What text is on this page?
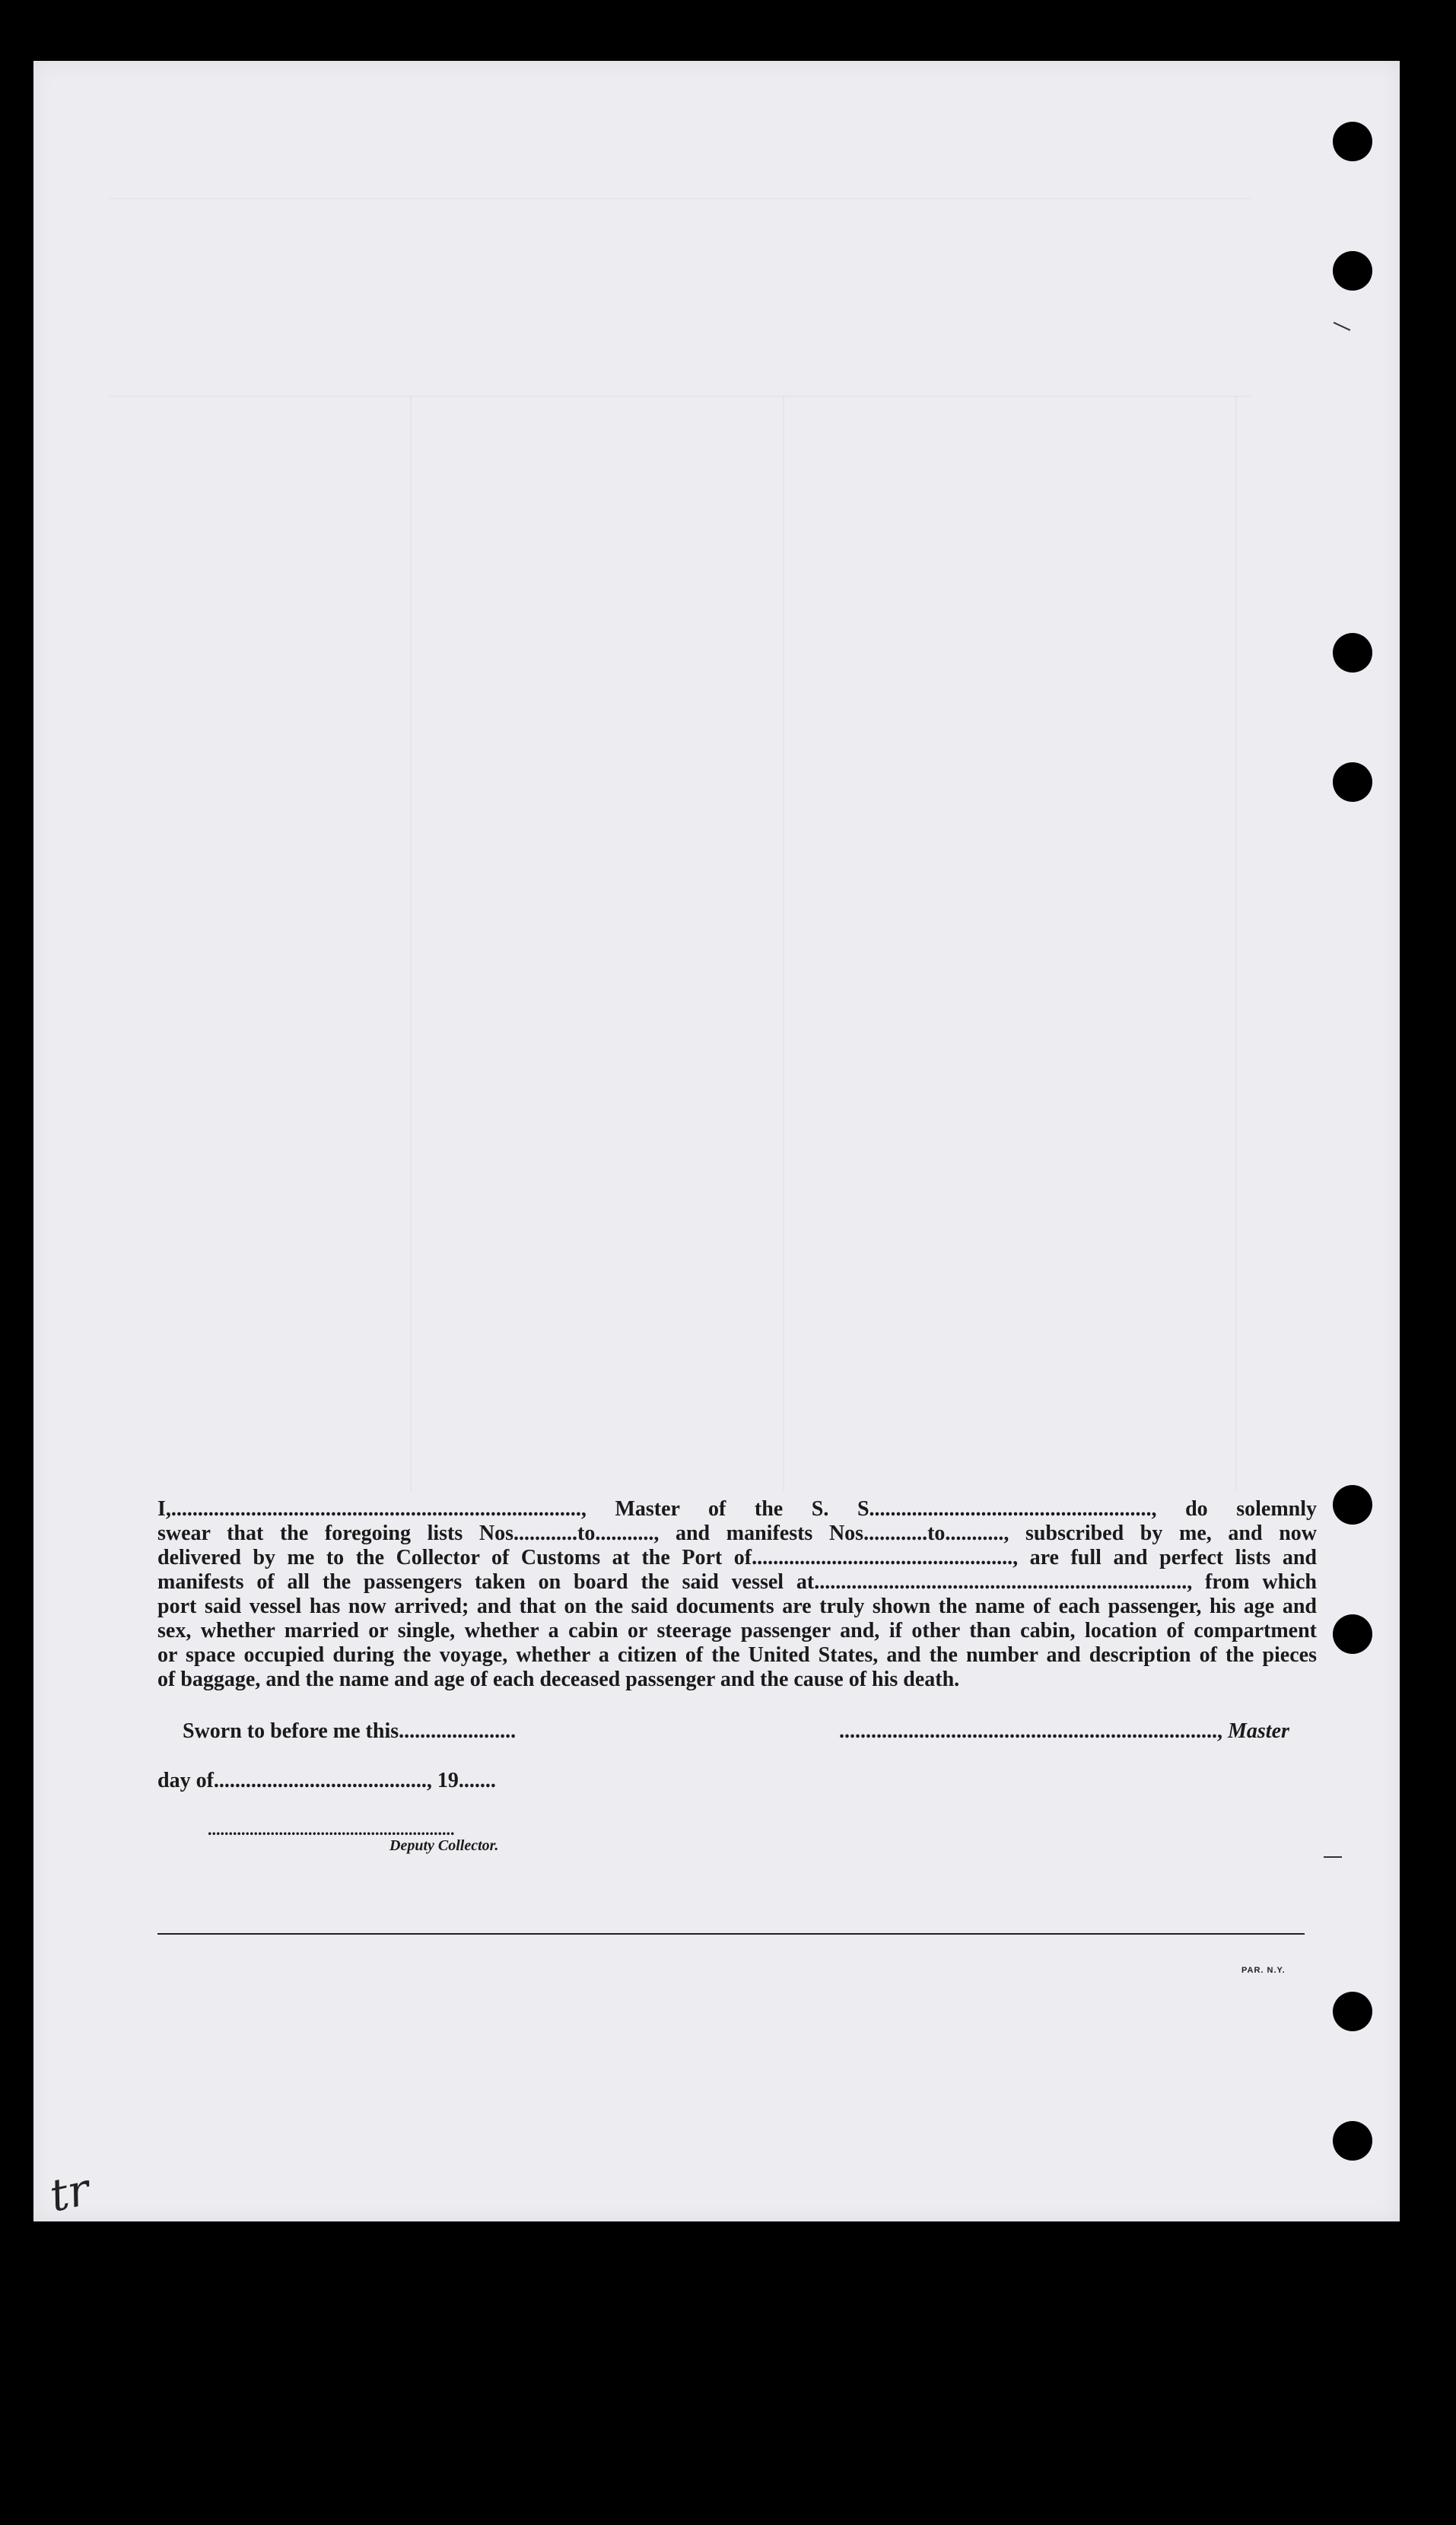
I,............................................................................., Master of the S. S....................................................., do solemnly
swear that the foregoing lists Nos............to..........., and manifests Nos............to..........., subscribed by me, and now
delivered by me to the Collector of Customs at the Port of................................................., are full and perfect lists and
manifests of all the passengers taken on board the said vessel at......................................................................, from which
port said vessel has now arrived; and that on the said documents are truly shown the name of each passenger, his age and
sex, whether married or single, whether a cabin or steerage passenger and, if other than cabin, location of compartment
or space occupied during the voyage, whether a citizen of the United States, and the number and description of the pieces
of baggage, and the name and age of each deceased passenger and the cause of his death.
Sworn to before me this......................	......................................................................., Master
day of........................................, 19.......
...........................................................
Deputy Collector.
PAR. N.Y.
tr
